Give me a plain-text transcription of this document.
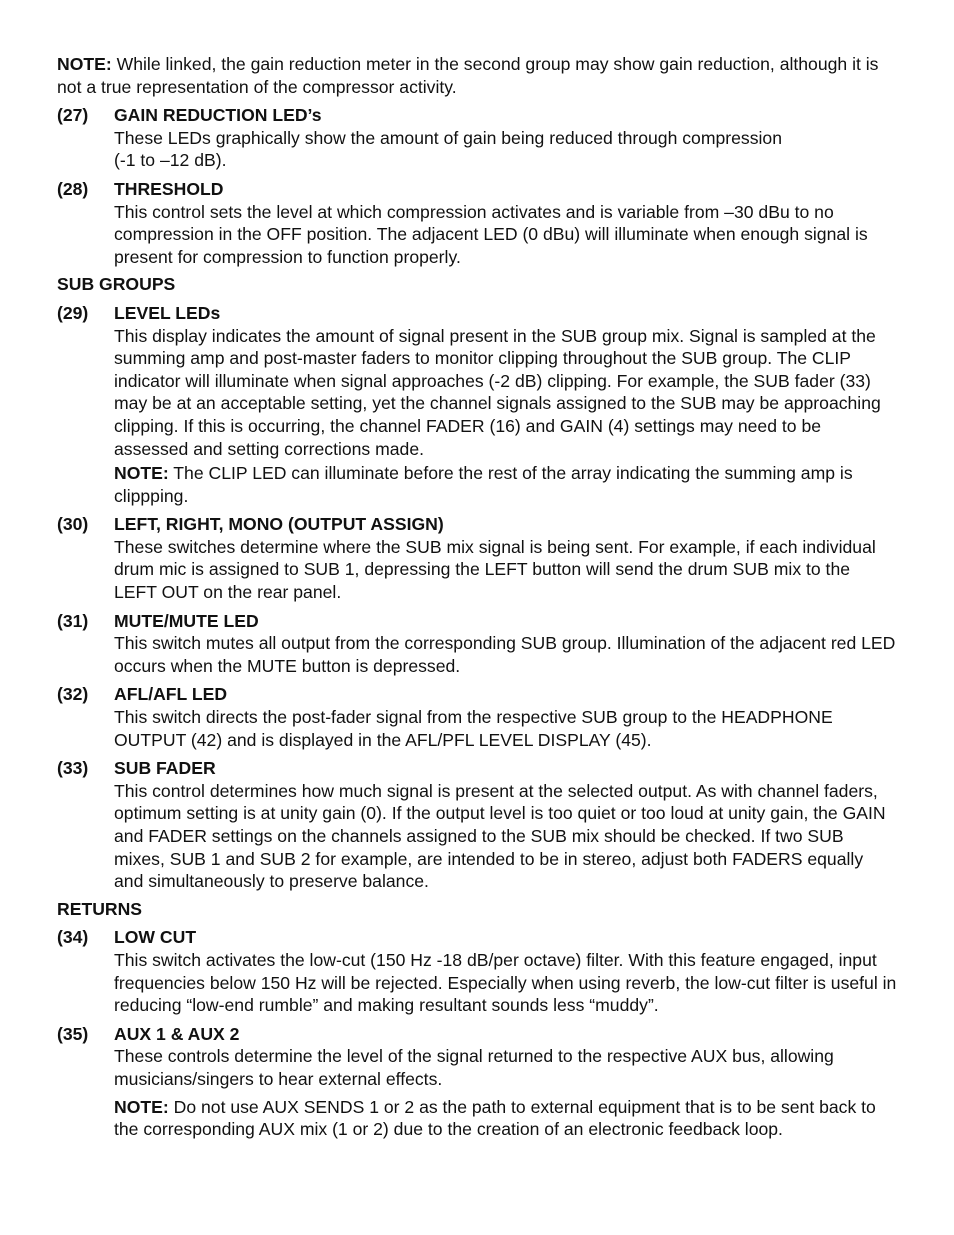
NOTE: While linked, the gain reduction meter in the second group may show gain reduction, although it is not a true representation of the compressor activity.

(27)	GAIN REDUCTION LED’s

These LEDs graphically show the amount of gain being reduced through compression
(-1 to –12 dB).

(28)	THRESHOLD

This control sets the level at which compression activates and is variable from –30 dBu to no compression in the OFF position. The adjacent LED (0 dBu) will illuminate when enough signal is present for compression to function properly.

SUB GROUPS
(29)	LEVEL LEDs

This display indicates the amount of signal present in the SUB group mix. Signal is sampled at the summing amp and post-master faders to monitor clipping throughout the SUB group. The CLIP indicator will illuminate when signal approaches (-2 dB) clipping. For example, the SUB fader (33) may be at an acceptable setting, yet the channel signals assigned to the SUB may be approaching clipping. If this is occurring, the channel FADER (16) and GAIN (4) settings may need to be assessed and setting corrections made.

NOTE: The CLIP LED can illuminate before the rest of the array indicating the summing amp is clippping.

(30)	LEFT, RIGHT, MONO (OUTPUT ASSIGN)

These switches determine where the SUB mix signal is being sent. For example, if each individual drum mic is assigned to SUB 1, depressing the LEFT button will send the drum SUB mix to the LEFT OUT on the rear panel.

(31)	MUTE/MUTE LED

This switch mutes all output from the corresponding SUB group. Illumination of the adjacent red LED occurs when the MUTE button is depressed.

(32)	AFL/AFL LED

This switch directs the post-fader signal from the respective SUB group to the HEADPHONE OUTPUT (42) and is displayed in the AFL/PFL LEVEL DISPLAY (45).

(33)	SUB FADER

This control determines how much signal is present at the selected output. As with channel faders, optimum setting is at unity gain (0). If the output level is too quiet or too loud at unity gain, the GAIN and FADER settings on the channels assigned to the SUB mix should be checked. If two SUB mixes, SUB 1 and SUB 2 for example, are intended to be in stereo, adjust both FADERS equally and simultaneously to preserve balance.

RETURNS
(34)	LOW CUT

This switch activates the low-cut (150 Hz -18 dB/per octave) filter. With this feature engaged, input frequencies below 150 Hz will be rejected. Especially when using reverb, the low-cut filter is useful in reducing “low-end rumble” and making resultant sounds less “muddy”.

(35)	AUX 1 & AUX 2

These controls determine the level of the signal returned to the respective AUX bus, allowing musicians/singers to hear external effects.

NOTE: Do not use AUX SENDS 1 or 2 as the path to external equipment that is to be sent back to the corresponding AUX mix (1 or 2) due to the creation of an electronic feedback loop.
